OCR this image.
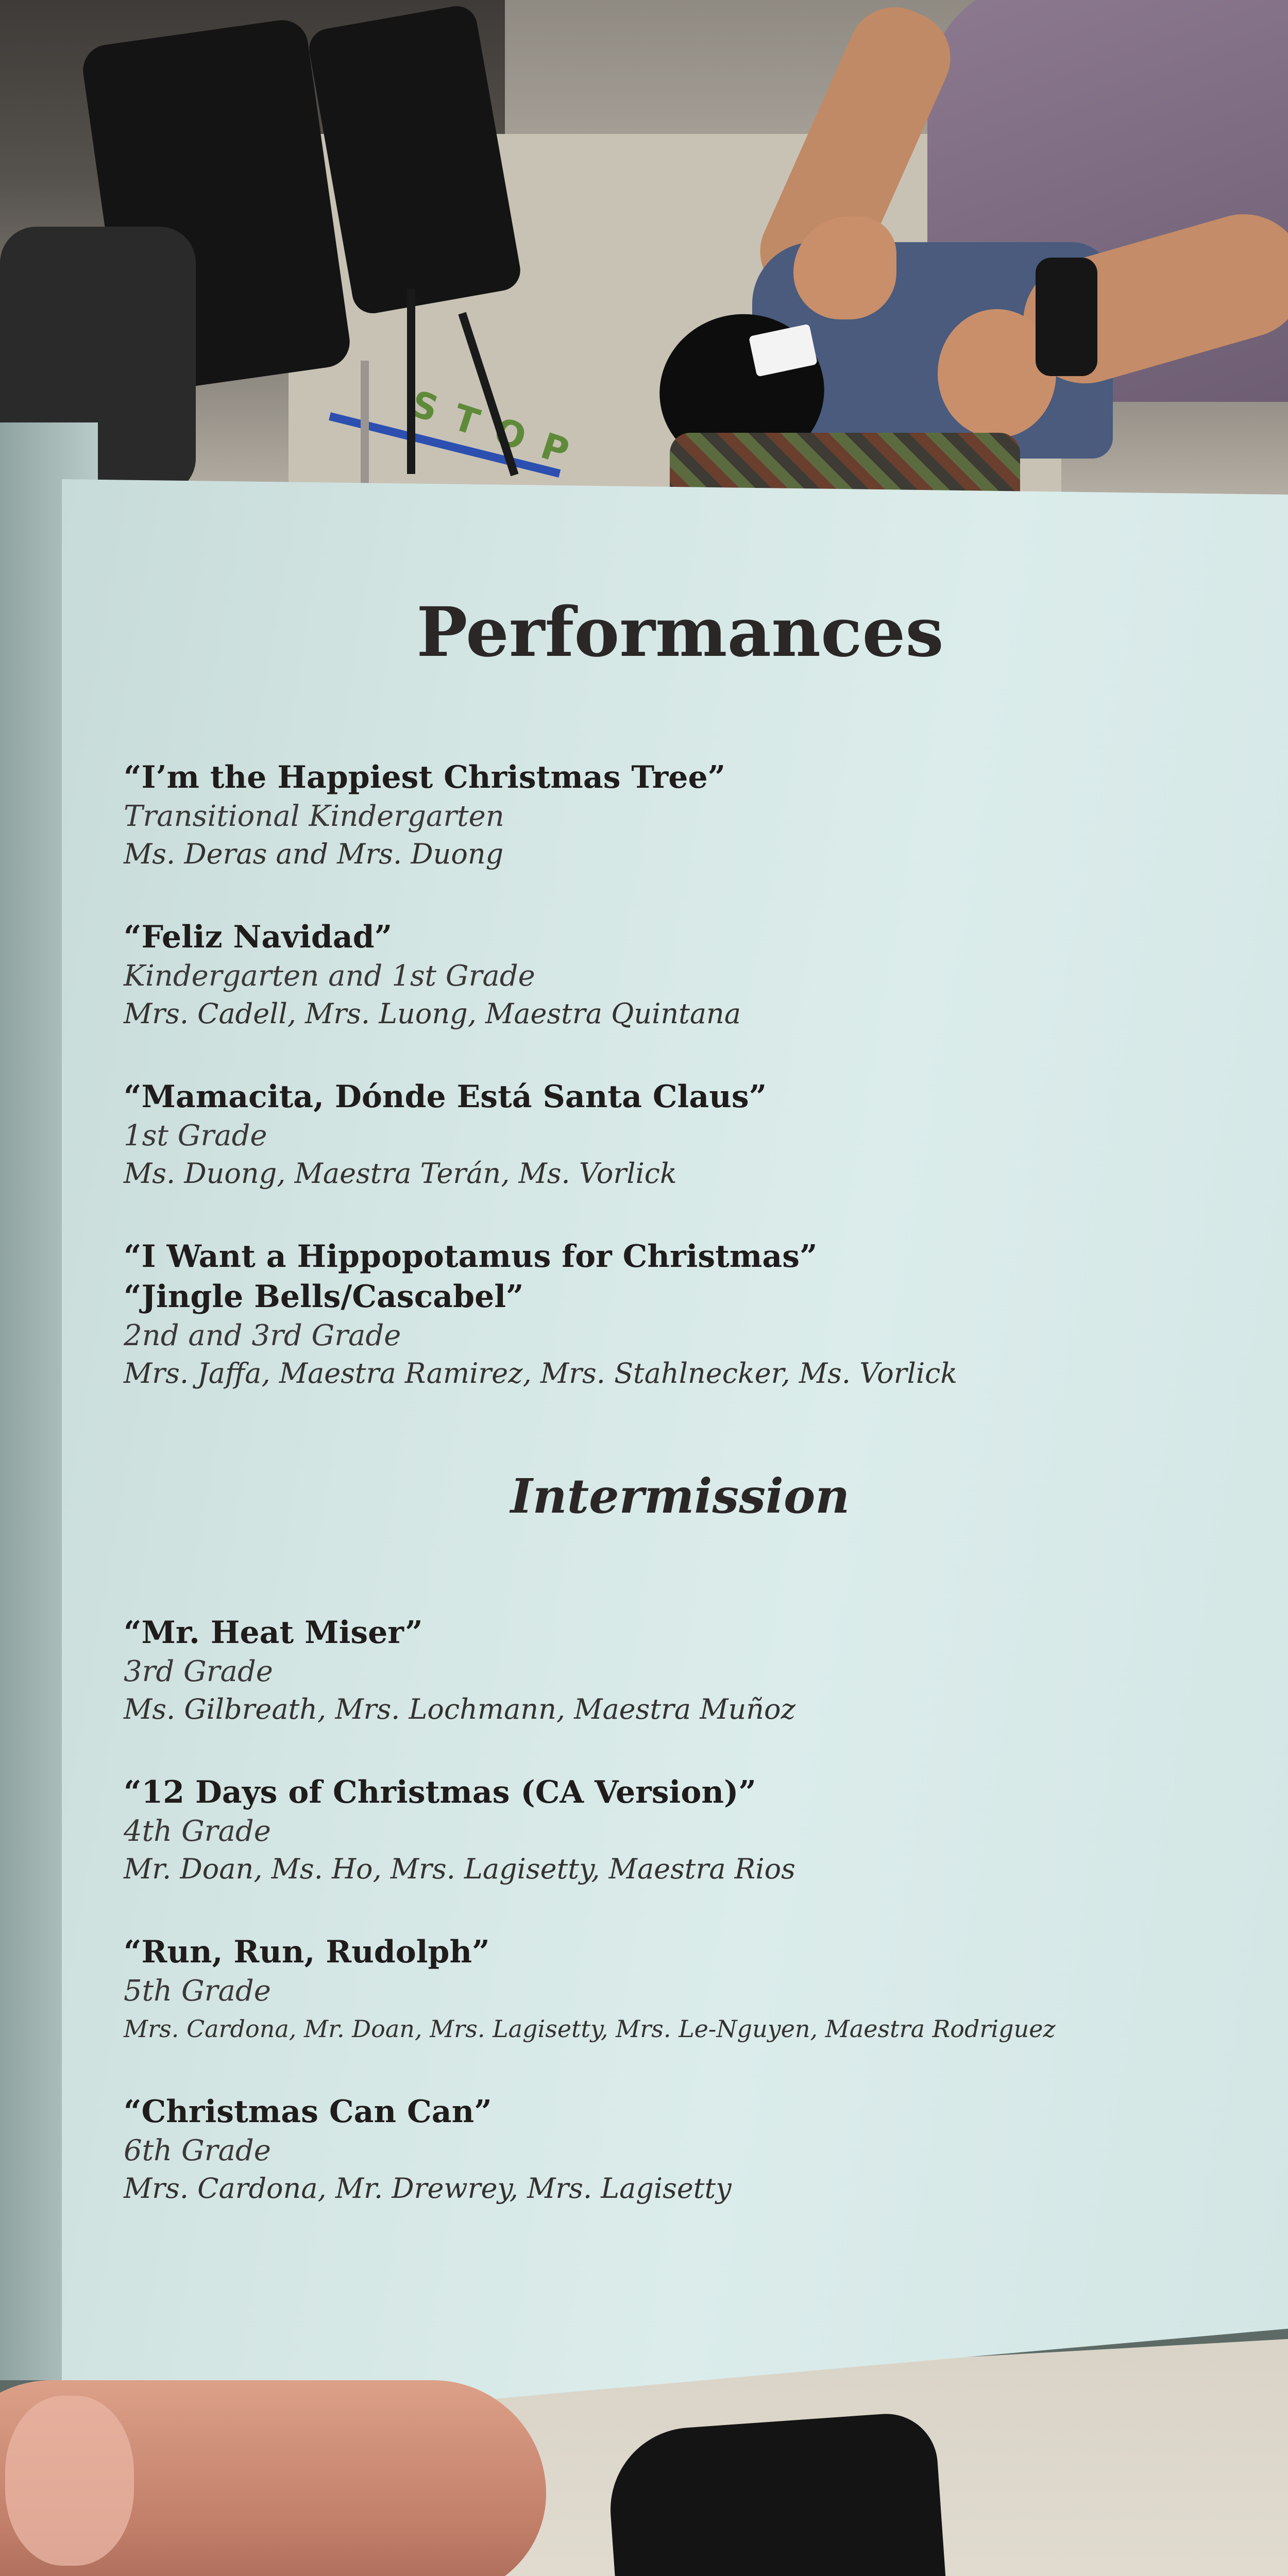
Performances
“I’m the Happiest Christmas Tree”
Transitional Kindergarten
Ms. Deras and Mrs. Duong
“Feliz Navidad”
Kindergarten and 1st Grade
Mrs. Cadell, Mrs. Luong, Maestra Quintana
“Mamacita, Dónde Está Santa Claus”
1st Grade
Ms. Duong, Maestra Terán, Ms. Vorlick
“I Want a Hippopotamus for Christmas”
“Jingle Bells/Cascabel”
2nd and 3rd Grade
Mrs. Jaffa, Maestra Ramirez, Mrs. Stahlnecker, Ms. Vorlick
Intermission
“Mr. Heat Miser”
3rd Grade
Ms. Gilbreath, Mrs. Lochmann, Maestra Muñoz
“12 Days of Christmas (CA Version)”
4th Grade
Mr. Doan, Ms. Ho, Mrs. Lagisetty, Maestra Rios
“Run, Run, Rudolph”
5th Grade
Mrs. Cardona, Mr. Doan, Mrs. Lagisetty, Mrs. Le-Nguyen, Maestra Rodriguez
“Christmas Can Can”
6th Grade
Mrs. Cardona, Mr. Drewrey, Mrs. Lagisetty
